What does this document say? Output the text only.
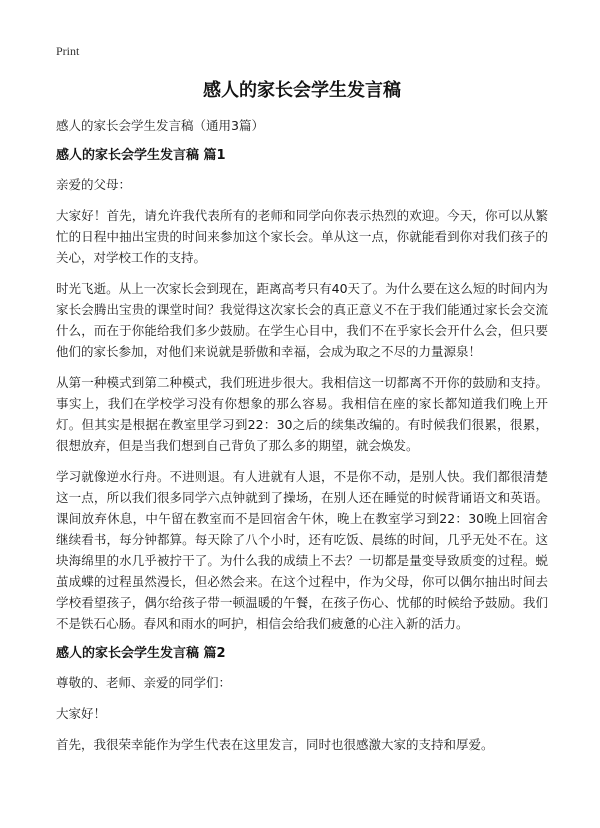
Print
感人的家长会学生发言稿
感人的家长会学生发言稿（通用3篇）
感人的家长会学生发言稿 篇1

亲爱的父母：

大家好！首先，请允许我代表所有的老师和同学向你表示热烈的欢迎。今天，你可以从繁忙的日程中抽出宝贵的时间来参加这个家长会。单从这一点，你就能看到你对我们孩子的关心，对学校工作的支持。

时光飞逝。从上一次家长会到现在，距离高考只有40天了。为什么要在这么短的时间内为家长会腾出宝贵的课堂时间？我觉得这次家长会的真正意义不在于我们能通过家长会交流什么，而在于你能给我们多少鼓励。在学生心目中，我们不在乎家长会开什么会，但只要他们的家长参加，对他们来说就是骄傲和幸福，会成为取之不尽的力量源泉！

从第一种模式到第二种模式，我们班进步很大。我相信这一切都离不开你的鼓励和支持。事实上，我们在学校学习没有你想象的那么容易。我相信在座的家长都知道我们晚上开灯。但其实是根据在教室里学习到22：30之后的续集改编的。有时候我们很累，很累，很想放弃，但是当我们想到自己背负了那么多的期望，就会焕发。

学习就像逆水行舟。不进则退。有人进就有人退，不是你不动，是别人快。我们都很清楚这一点，所以我们很多同学六点钟就到了操场，在别人还在睡觉的时候背诵语文和英语。课间放弃休息，中午留在教室而不是回宿舍午休，晚上在教室学习到22：30晚上回宿舍继续看书，每分钟都算。每天除了八个小时，还有吃饭、晨练的时间，几乎无处不在。这块海绵里的水几乎被拧干了。为什么我的成绩上不去？一切都是量变导致质变的过程。蜕茧成蝶的过程虽然漫长，但必然会来。在这个过程中，作为父母，你可以偶尔抽出时间去学校看望孩子，偶尔给孩子带一顿温暖的午餐，在孩子伤心、忧郁的时候给予鼓励。我们不是铁石心肠。春风和雨水的呵护，相信会给我们疲惫的心注入新的活力。

感人的家长会学生发言稿 篇2

尊敬的、老师、亲爱的同学们：

大家好！

首先，我很荣幸能作为学生代表在这里发言，同时也很感激大家的支持和厚爱。
